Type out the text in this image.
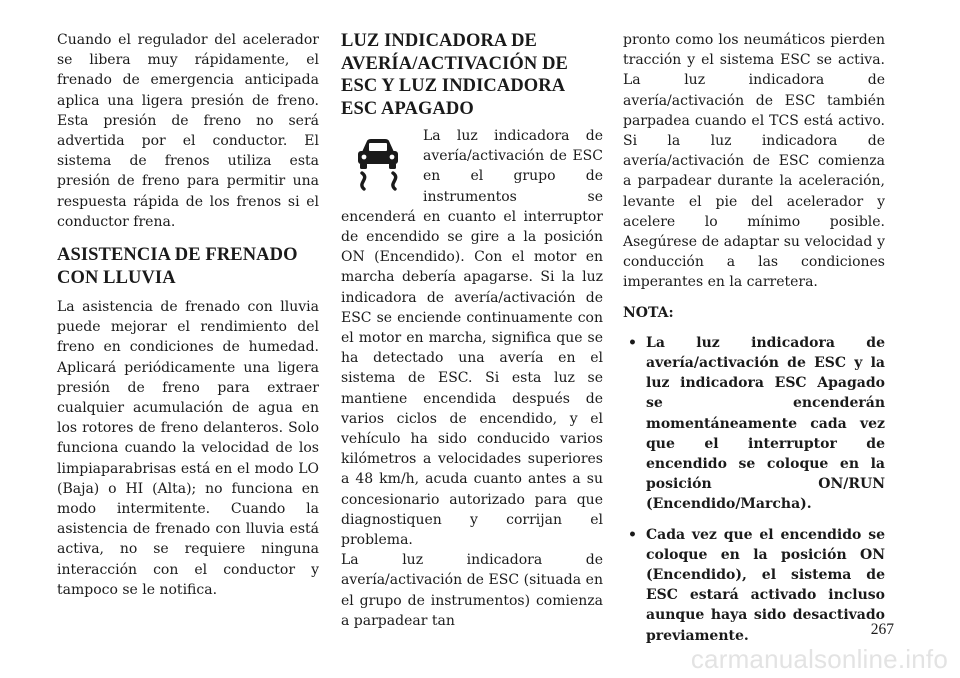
Cuando el regulador del acelerador se libera muy rápidamente, el frenado de emergencia anticipada aplica una ligera presión de freno. Esta presión de freno no será advertida por el conductor. El sistema de frenos utiliza esta presión de freno para permitir una respuesta rápida de los frenos si el conductor frena.

ASISTENCIA DE FRENADO CON LLUVIA

La asistencia de frenado con lluvia puede mejorar el rendimiento del freno en condiciones de humedad. Aplicará periódicamente una ligera presión de freno para extraer cualquier acumulación de agua en los rotores de freno delanteros. Solo funciona cuando la velocidad de los limpiaparabrisas está en el modo LO (Baja) o HI (Alta); no funciona en modo intermitente. Cuando la asistencia de frenado con lluvia está activa, no se requiere ninguna interacción con el conductor y tampoco se le notifica.

LUZ INDICADORA DE AVERÍA/ACTIVACIÓN DE ESC Y LUZ INDICADORA ESC APAGADO

La luz indicadora de avería/activación de ESC en el grupo de instrumentos se encenderá en cuanto el interruptor de encendido se gire a la posición ON (Encendido). Con el motor en marcha debería apagarse. Si la luz indicadora de avería/activación de ESC se enciende continuamente con el motor en marcha, significa que se ha detectado una avería en el sistema de ESC. Si esta luz se mantiene encendida después de varios ciclos de encendido, y el vehículo ha sido conducido varios kilómetros a velocidades superiores a 48 km/h, acuda cuanto antes a su concesionario autorizado para que diagnostiquen y corrijan el problema.

La luz indicadora de avería/activación de ESC (situada en el grupo de instrumentos) comienza a parpadear tan

pronto como los neumáticos pierden tracción y el sistema ESC se activa. La luz indicadora de avería/activación de ESC también parpadea cuando el TCS está activo. Si la luz indicadora de avería/activación de ESC comienza a parpadear durante la aceleración, levante el pie del acelerador y acelere lo mínimo posible. Asegúrese de adaptar su velocidad y conducción a las condiciones imperantes en la carretera.

NOTA:

• La luz indicadora de avería/activación de ESC y la luz indicadora ESC Apagado se encenderán momentáneamente cada vez que el interruptor de encendido se coloque en la posición ON/RUN (Encendido/Marcha).
• Cada vez que el encendido se coloque en la posición ON (Encendido), el sistema de ESC estará activado incluso aunque haya sido desactivado previamente.	267
carmanualsonline.info
